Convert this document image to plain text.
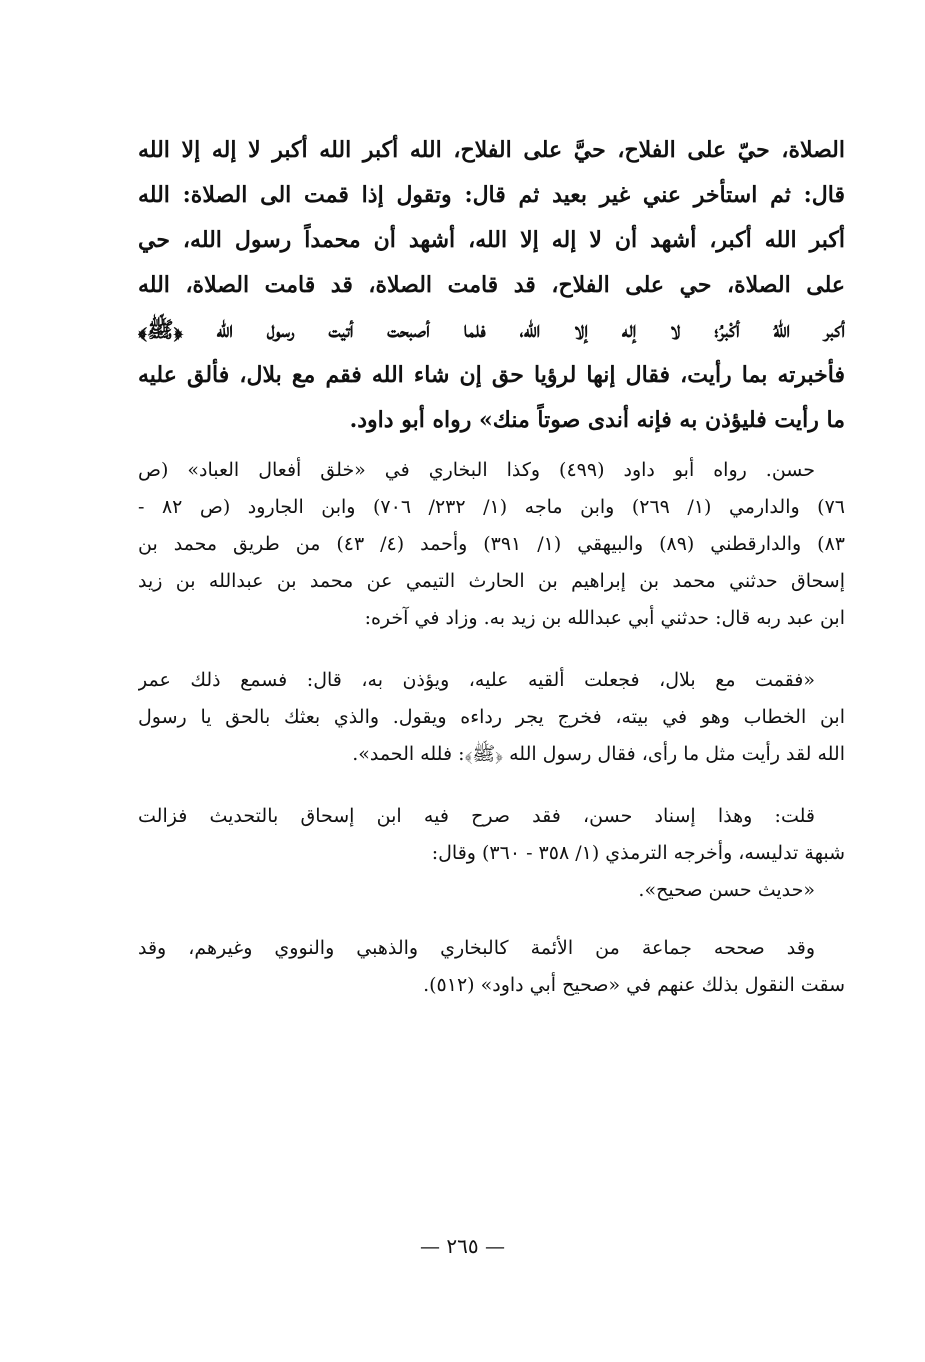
الصلاة، حيّ على الفلاح، حيَّ على الفلاح، الله أكبر الله أكبر لا إله إلا الله
قال: ثم استأخر عني غير بعيد ثم قال: وتقول إذا قمت الى الصلاة: الله
أكبر الله أكبر، أشهد أن لا إله إلا الله، أشهد أن محمداً رسول الله، حي
على الصلاة، حي على الفلاح، قد قامت الصلاة، قد قامت الصلاة، الله
أكبر اللهُ أكْبرُ؛ لا إله إلا الله، فلما أصبحت أتيت رسول الله ﴿ﷺ﴾
فأخبرته بما رأيت، فقال إنها لرؤيا حق إن شاء الله فقم مع بلال، فألق عليه
ما رأيت فليؤذن به فإنه أندى صوتاً منك» رواه أبو داود.
حسن. رواه أبو داود (٤٩٩) وكذا البخاري في «خلق أفعال العباد» (ص
٧٦) والدارمي (١/ ٢٦٩) وابن ماجه (١/ ٢٣٢/ ٧٠٦) وابن الجارود (ص ٨٢ -
٨٣) والدارقطني (٨٩) والبيهقي (١/ ٣٩١) وأحمد (٤/ ٤٣) من طريق محمد بن
إسحاق حدثني محمد بن إبراهيم بن الحارث التيمي عن محمد بن عبدالله بن زيد
ابن عبد ربه قال: حدثني أبي عبدالله بن زيد به. وزاد في آخره:
«فقمت مع بلال، فجعلت ألقيه عليه، ويؤذن به، قال: فسمع ذلك عمر
ابن الخطاب وهو في بيته، فخرج يجر رداءه ويقول. والذي بعثك بالحق يا رسول
الله لقد رأيت مثل ما رأى، فقال رسول الله ﴿ﷺ﴾: فلله الحمد».
قلت: وهذا إسناد حسن، فقد صرح فيه ابن إسحاق بالتحديث فزالت
شبهة تدليسه، وأخرجه الترمذي (١/ ٣٥٨ - ٣٦٠) وقال:
«حديث حسن صحيح».
وقد صححه جماعة من الأئمة كالبخاري والذهبي والنووي وغيرهم، وقد
سقت النقول بذلك عنهم في «صحيح أبي داود» (٥١٢).
— ٢٦٥ —
